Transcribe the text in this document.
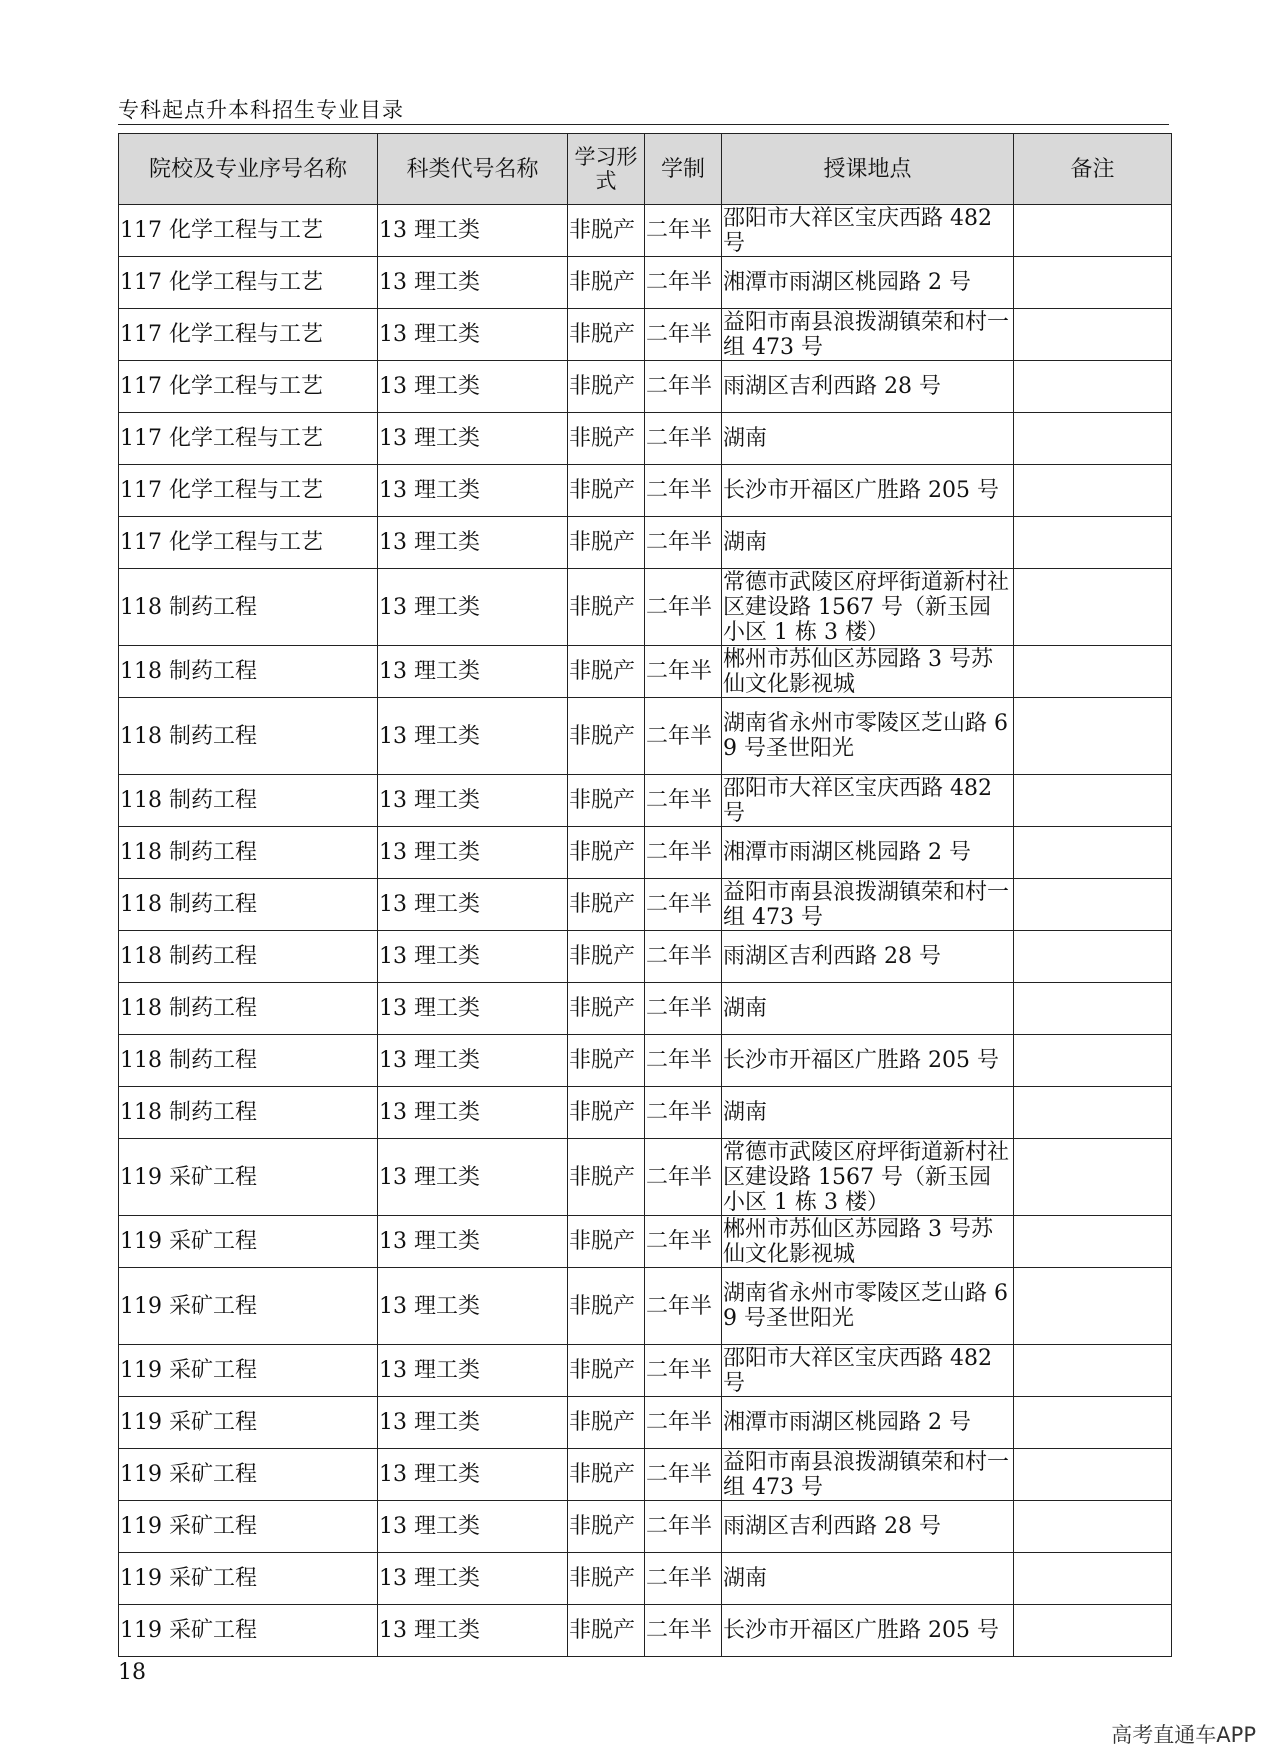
专科起点升本科招生专业目录
院校及专业序号名称	科类代号名称	学习形式	学制	授课地点	备注
117 化学工程与工艺	13 理工类	非脱产	二年半	邵阳市大祥区宝庆西路 482 号	
117 化学工程与工艺	13 理工类	非脱产	二年半	湘潭市雨湖区桃园路 2 号	
117 化学工程与工艺	13 理工类	非脱产	二年半	益阳市南县浪拨湖镇荣和村一组 473 号	
117 化学工程与工艺	13 理工类	非脱产	二年半	雨湖区吉利西路 28 号	
117 化学工程与工艺	13 理工类	非脱产	二年半	湖南	
117 化学工程与工艺	13 理工类	非脱产	二年半	长沙市开福区广胜路 205 号	
117 化学工程与工艺	13 理工类	非脱产	二年半	湖南	
118 制药工程	13 理工类	非脱产	二年半	常德市武陵区府坪街道新村社区建设路 1567 号（新玉园小区 1 栋 3 楼）	
118 制药工程	13 理工类	非脱产	二年半	郴州市苏仙区苏园路 3 号苏仙文化影视城	
118 制药工程	13 理工类	非脱产	二年半	湖南省永州市零陵区芝山路 69 号圣世阳光	
118 制药工程	13 理工类	非脱产	二年半	邵阳市大祥区宝庆西路 482 号	
118 制药工程	13 理工类	非脱产	二年半	湘潭市雨湖区桃园路 2 号	
118 制药工程	13 理工类	非脱产	二年半	益阳市南县浪拨湖镇荣和村一组 473 号	
118 制药工程	13 理工类	非脱产	二年半	雨湖区吉利西路 28 号	
118 制药工程	13 理工类	非脱产	二年半	湖南	
118 制药工程	13 理工类	非脱产	二年半	长沙市开福区广胜路 205 号	
118 制药工程	13 理工类	非脱产	二年半	湖南	
119 采矿工程	13 理工类	非脱产	二年半	常德市武陵区府坪街道新村社区建设路 1567 号（新玉园小区 1 栋 3 楼）	
119 采矿工程	13 理工类	非脱产	二年半	郴州市苏仙区苏园路 3 号苏仙文化影视城	
119 采矿工程	13 理工类	非脱产	二年半	湖南省永州市零陵区芝山路 69 号圣世阳光	
119 采矿工程	13 理工类	非脱产	二年半	邵阳市大祥区宝庆西路 482 号	
119 采矿工程	13 理工类	非脱产	二年半	湘潭市雨湖区桃园路 2 号	
119 采矿工程	13 理工类	非脱产	二年半	益阳市南县浪拨湖镇荣和村一组 473 号	
119 采矿工程	13 理工类	非脱产	二年半	雨湖区吉利西路 28 号	
119 采矿工程	13 理工类	非脱产	二年半	湖南	
119 采矿工程	13 理工类	非脱产	二年半	长沙市开福区广胜路 205 号	
18
高考直通车APP
